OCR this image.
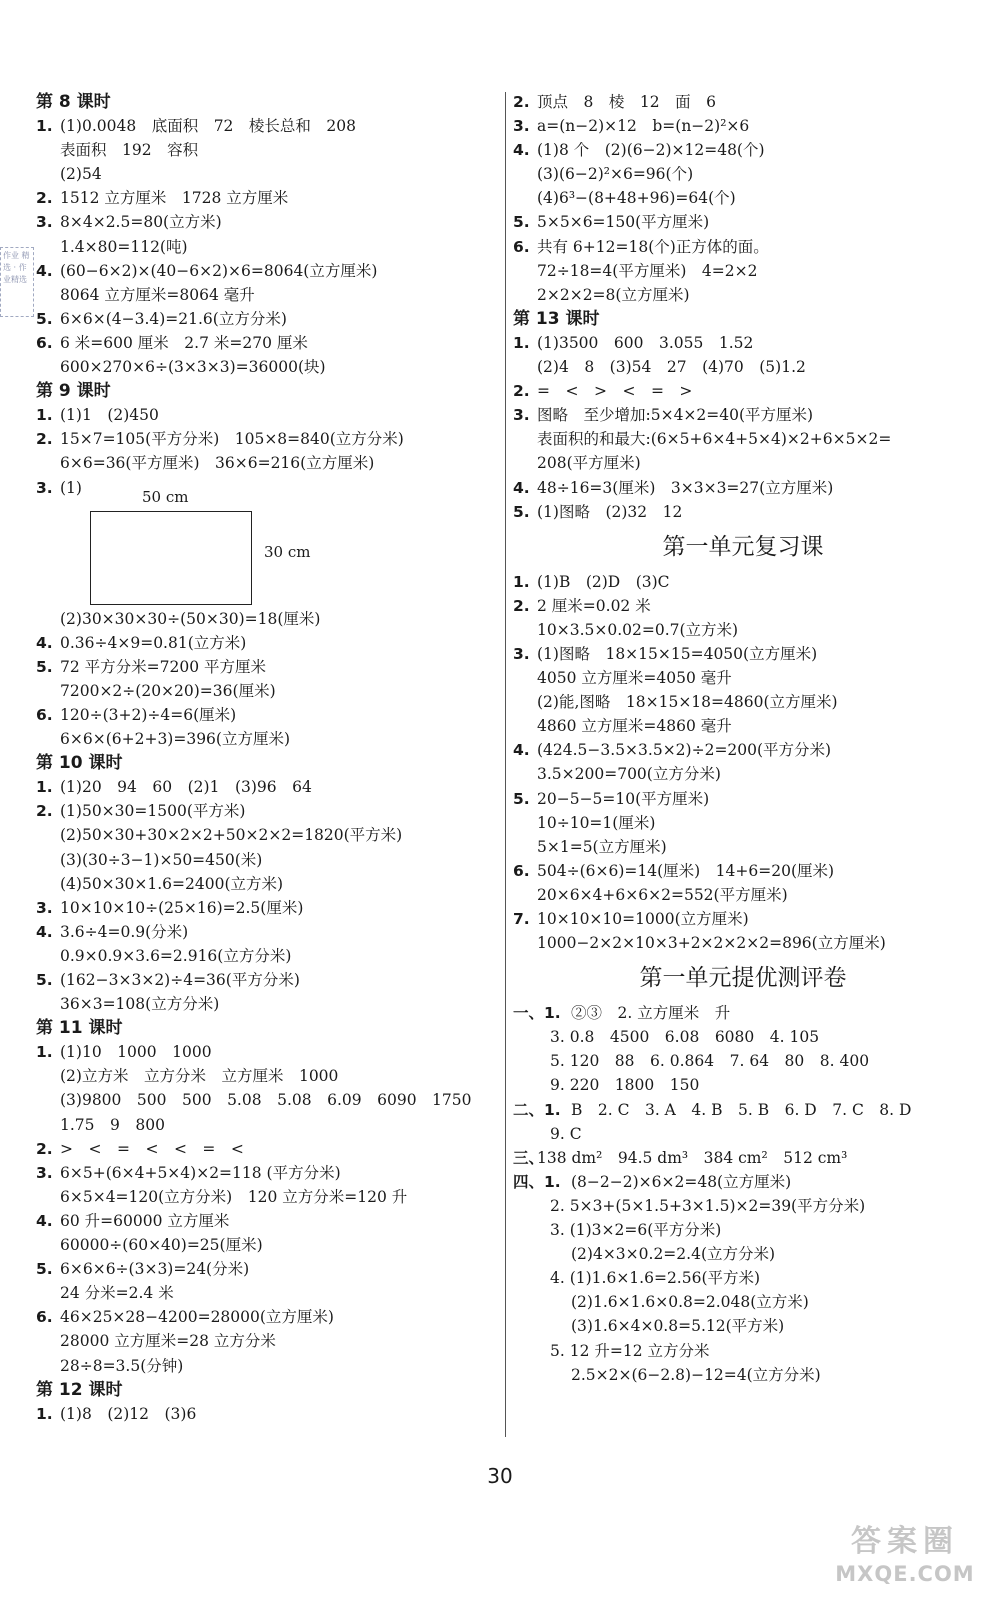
第 8 课时
1. (1)0.0048　底面积　72　棱长总和　208
表面积　192　容积
(2)54
2. 1512 立方厘米　1728 立方厘米
3. 8×4×2.5=80(立方米)
1.4×80=112(吨)
4. (60−6×2)×(40−6×2)×6=8064(立方厘米)
8064 立方厘米=8064 毫升
5. 6×6×(4−3.4)=21.6(立方分米)
6. 6 米=600 厘米　2.7 米=270 厘米
600×270×6÷(3×3×3)=36000(块)
第 9 课时
1. (1)1　(2)450
2. 15×7=105(平方分米)　105×8=840(立方分米)
6×6=36(平方厘米)　36×6=216(立方厘米)
3. (1)
50 cm
30 cm
(2)30×30×30÷(50×30)=18(厘米)
4. 0.36÷4×9=0.81(立方米)
5. 72 平方分米=7200 平方厘米
7200×2÷(20×20)=36(厘米)
6. 120÷(3+2)÷4=6(厘米)
6×6×(6+2+3)=396(立方厘米)
第 10 课时
1. (1)20　94　60　(2)1　(3)96　64
2. (1)50×30=1500(平方米)
(2)50×30+30×2×2+50×2×2=1820(平方米)
(3)(30÷3−1)×50=450(米)
(4)50×30×1.6=2400(立方米)
3. 10×10×10÷(25×16)=2.5(厘米)
4. 3.6÷4=0.9(分米)
0.9×0.9×3.6=2.916(立方分米)
5. (162−3×3×2)÷4=36(平方分米)
36×3=108(立方分米)
第 11 课时
1. (1)10　1000　1000
(2)立方米　立方分米　立方厘米　1000
(3)9800　500　500　5.08　5.08　6.09　6090　1750
1.75　9　800
2. >　<　=　<　<　=　<
3. 6×5+(6×4+5×4)×2=118 (平方分米)
6×5×4=120(立方分米)　120 立方分米=120 升
4. 60 升=60000 立方厘米
60000÷(60×40)=25(厘米)
5. 6×6×6÷(3×3)=24(分米)
24 分米=2.4 米
6. 46×25×28−4200=28000(立方厘米)
28000 立方厘米=28 立方分米
28÷8=3.5(分钟)
第 12 课时
1. (1)8　(2)12　(3)6
2. 顶点　8　棱　12　面　6
3. a=(n−2)×12　b=(n−2)²×6
4. (1)8 个　(2)(6−2)×12=48(个)
(3)(6−2)²×6=96(个)
(4)6³−(8+48+96)=64(个)
5. 5×5×6=150(平方厘米)
6. 共有 6+12=18(个)正方体的面。
72÷18=4(平方厘米)　4=2×2
2×2×2=8(立方厘米)
第 13 课时
1. (1)3500　600　3.055　1.52
(2)4　8　(3)54　27　(4)70　(5)1.2
2. =　<　>　<　=　>
3. 图略　至少增加:5×4×2=40(平方厘米)
表面积的和最大:(6×5+6×4+5×4)×2+6×5×2=
208(平方厘米)
4. 48÷16=3(厘米)　3×3×3=27(立方厘米)
5. (1)图略　(2)32　12
第一单元复习课
1. (1)B　(2)D　(3)C
2. 2 厘米=0.02 米
10×3.5×0.02=0.7(立方米)
3. (1)图略　18×15×15=4050(立方厘米)
4050 立方厘米=4050 毫升
(2)能,图略　18×15×18=4860(立方厘米)
4860 立方厘米=4860 毫升
4. (424.5−3.5×3.5×2)÷2=200(平方分米)
3.5×200=700(立方分米)
5. 20−5−5=10(平方厘米)
10÷10=1(厘米)
5×1=5(立方厘米)
6. 504÷(6×6)=14(厘米)　14+6=20(厘米)
20×6×4+6×6×2=552(平方厘米)
7. 10×10×10=1000(立方厘米)
1000−2×2×10×3+2×2×2×2=896(立方厘米)
第一单元提优测评卷
一、1. ②③　2. 立方厘米　升
3. 0.8　4500　6.08　6080　4. 105
5. 120　88　6. 0.864　7. 64　80　8. 400
9. 220　1800　150
二、1. B　2. C　3. A　4. B　5. B　6. D　7. C　8. D
9. C
三、
138 dm²　94.5 dm³　384 cm²　512 cm³
四、1. (8−2−2)×6×2=48(立方厘米)
2. 5×3+(5×1.5+3×1.5)×2=39(平方分米)
3. (1)3×2=6(平方分米)
(2)4×3×0.2=2.4(立方分米)
4. (1)1.6×1.6=2.56(平方米)
(2)1.6×1.6×0.8=2.048(立方米)
(3)1.6×4×0.8=5.12(平方米)
5. 12 升=12 立方分米
2.5×2×(6−2.8)−12=4(立方分米)
作业 精选 · 作业精选
30
答案圈
MXQE.COM
